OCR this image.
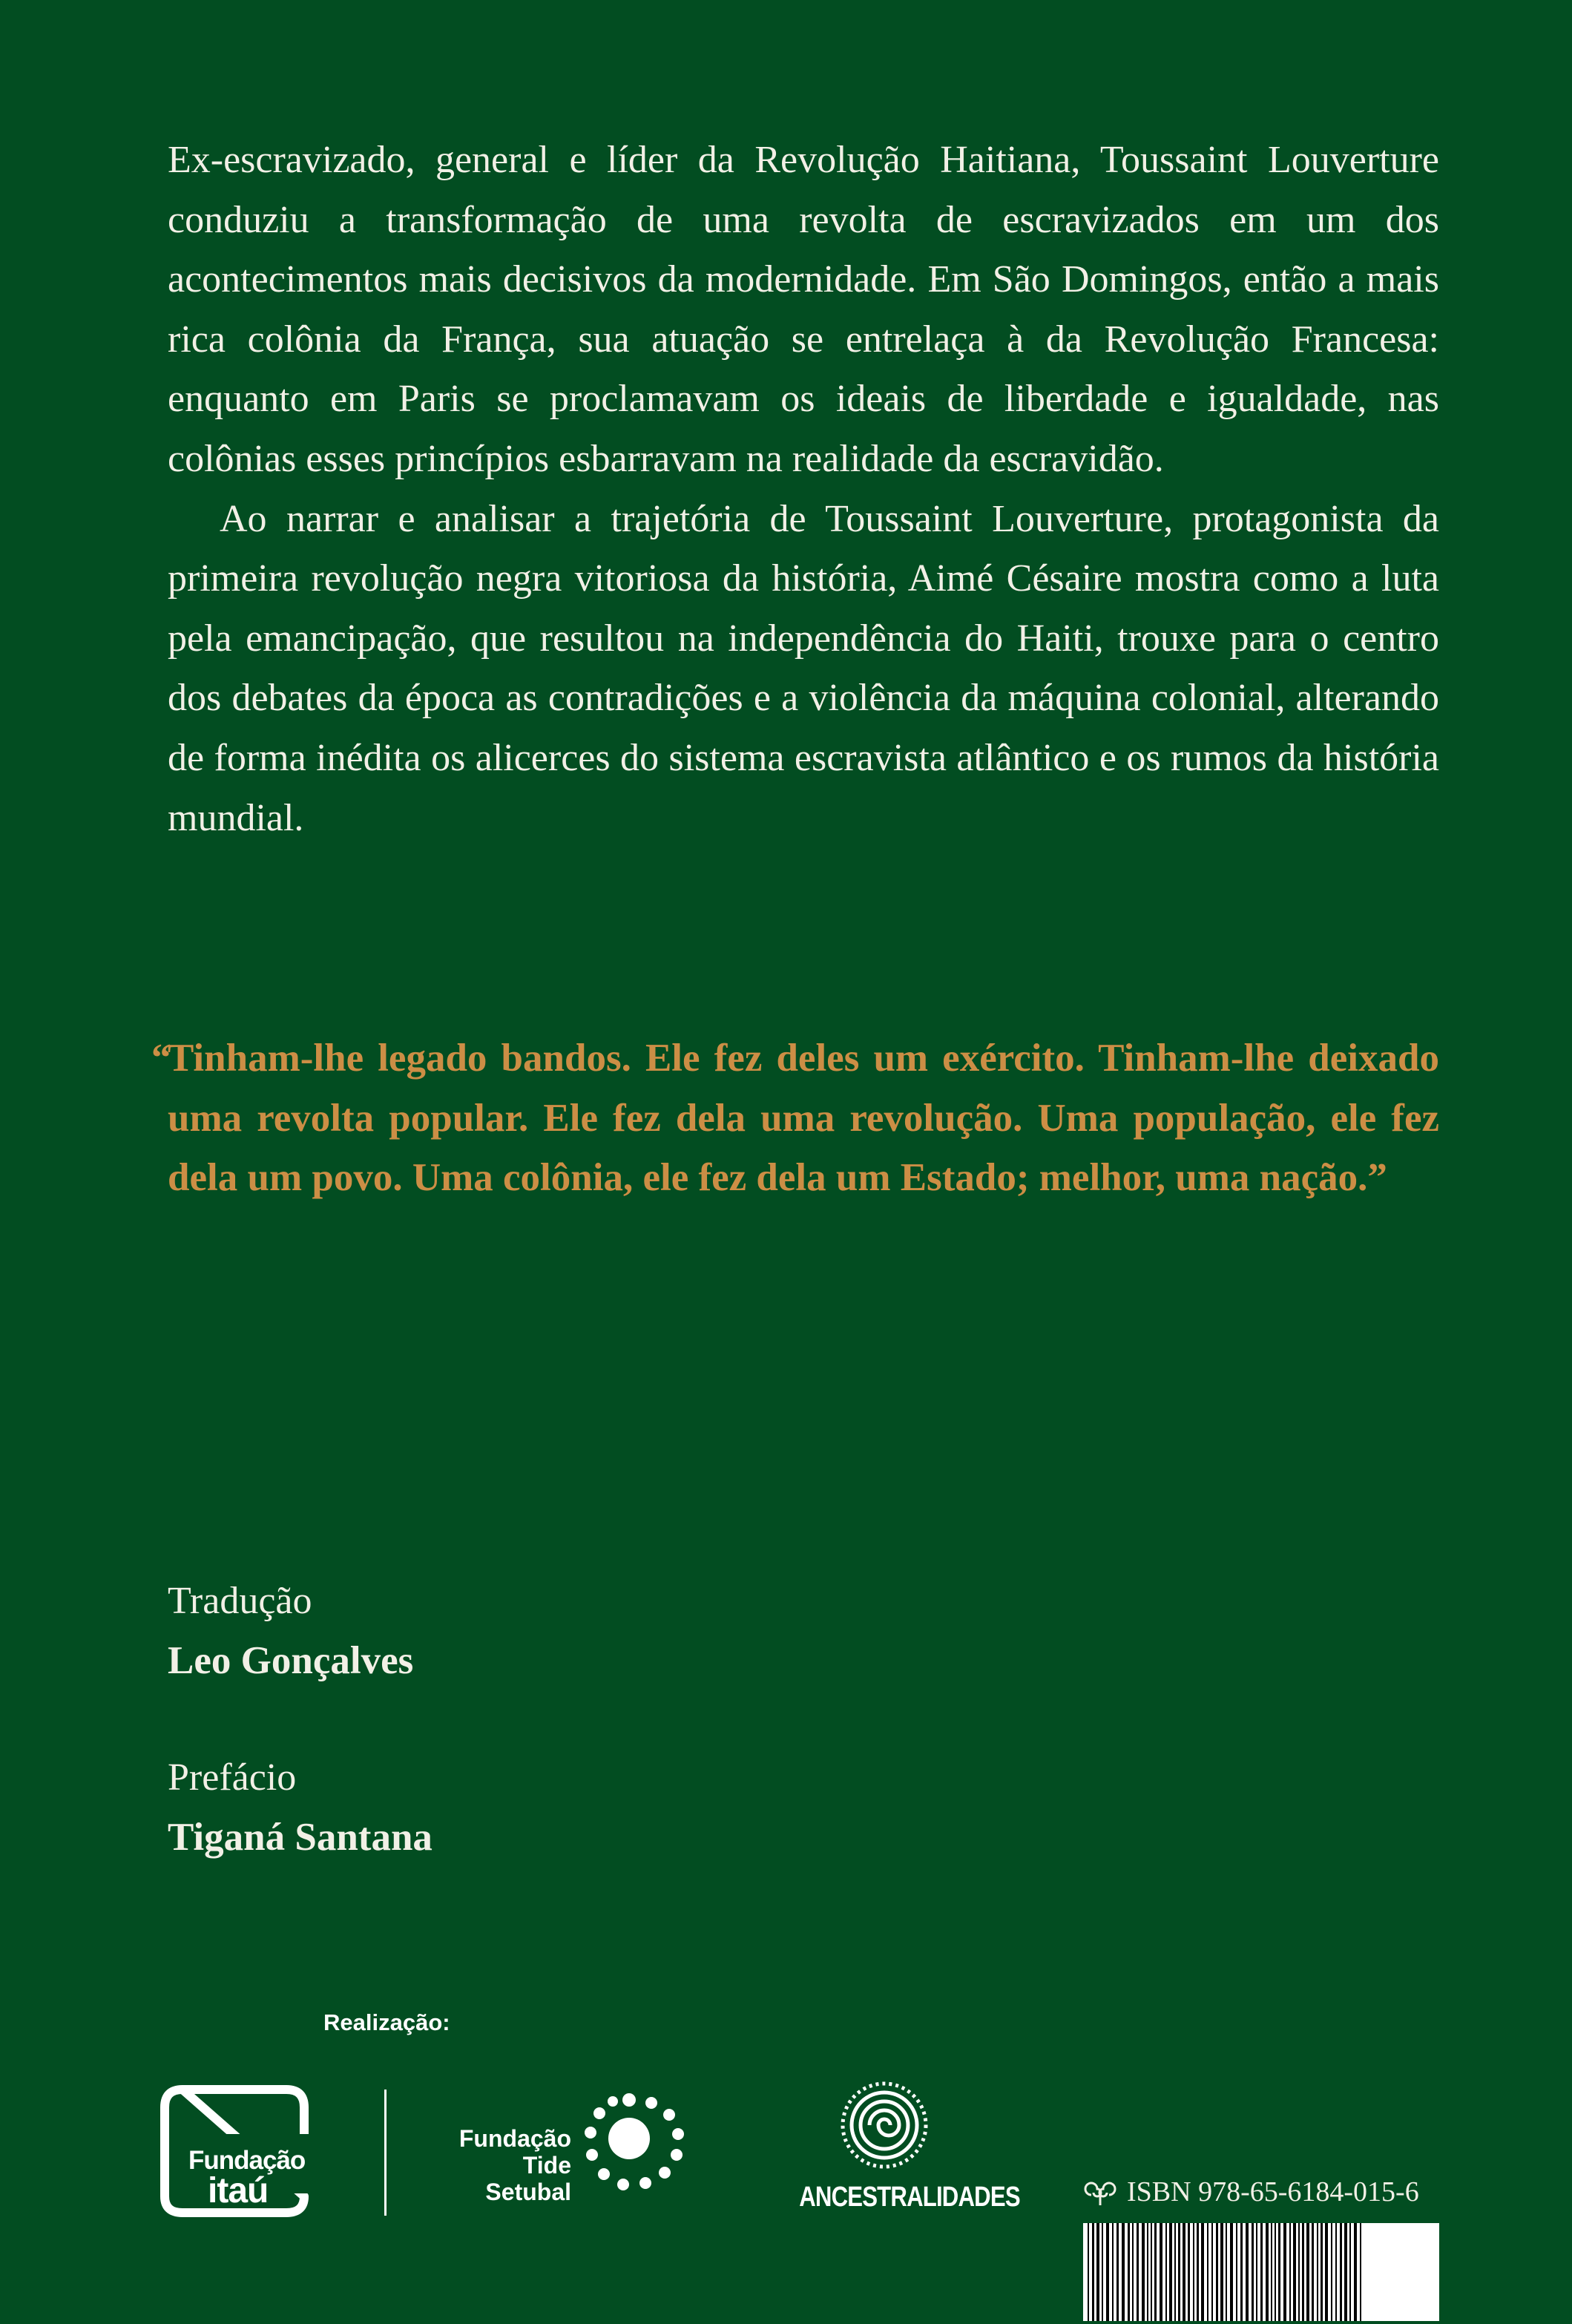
Ex-escravizado, general e líder da Revolução Haitiana, Toussaint Louverture conduziu a transformação de uma revolta de escravizados em um dos acontecimentos mais decisivos da modernidade. Em São Domingos, então a mais rica colônia da França, sua atuação se entrelaça à da Revolução Francesa: enquanto em Paris se proclamavam os ideais de liberdade e igualdade, nas colônias esses princípios esbarravam na realidade da escravidão.

Ao narrar e analisar a trajetória de Toussaint Louverture, protagonista da primeira revolução negra vitoriosa da história, Aimé Césaire mostra como a luta pela emancipação, que resultou na independência do Haiti, trouxe para o centro dos debates da época as contradições e a violência da máquina colonial, alterando de forma inédita os alicerces do sistema escravista atlântico e os rumos da história mundial.

“
Tinham-lhe legado bandos. Ele fez deles um exército. Tinham-lhe deixado uma revolta popular. Ele fez dela uma revolução. Uma população, ele fez dela um povo. Uma colônia, ele fez dela um Estado; melhor, uma nação.”

Tradução
Leo Gonçalves
Prefácio
Tiganá Santana
Realização:
Fundação
itaú
Fundação
Tide
Setubal	ANCESTRALIDADES	ISBN 978-65-6184-015-6
